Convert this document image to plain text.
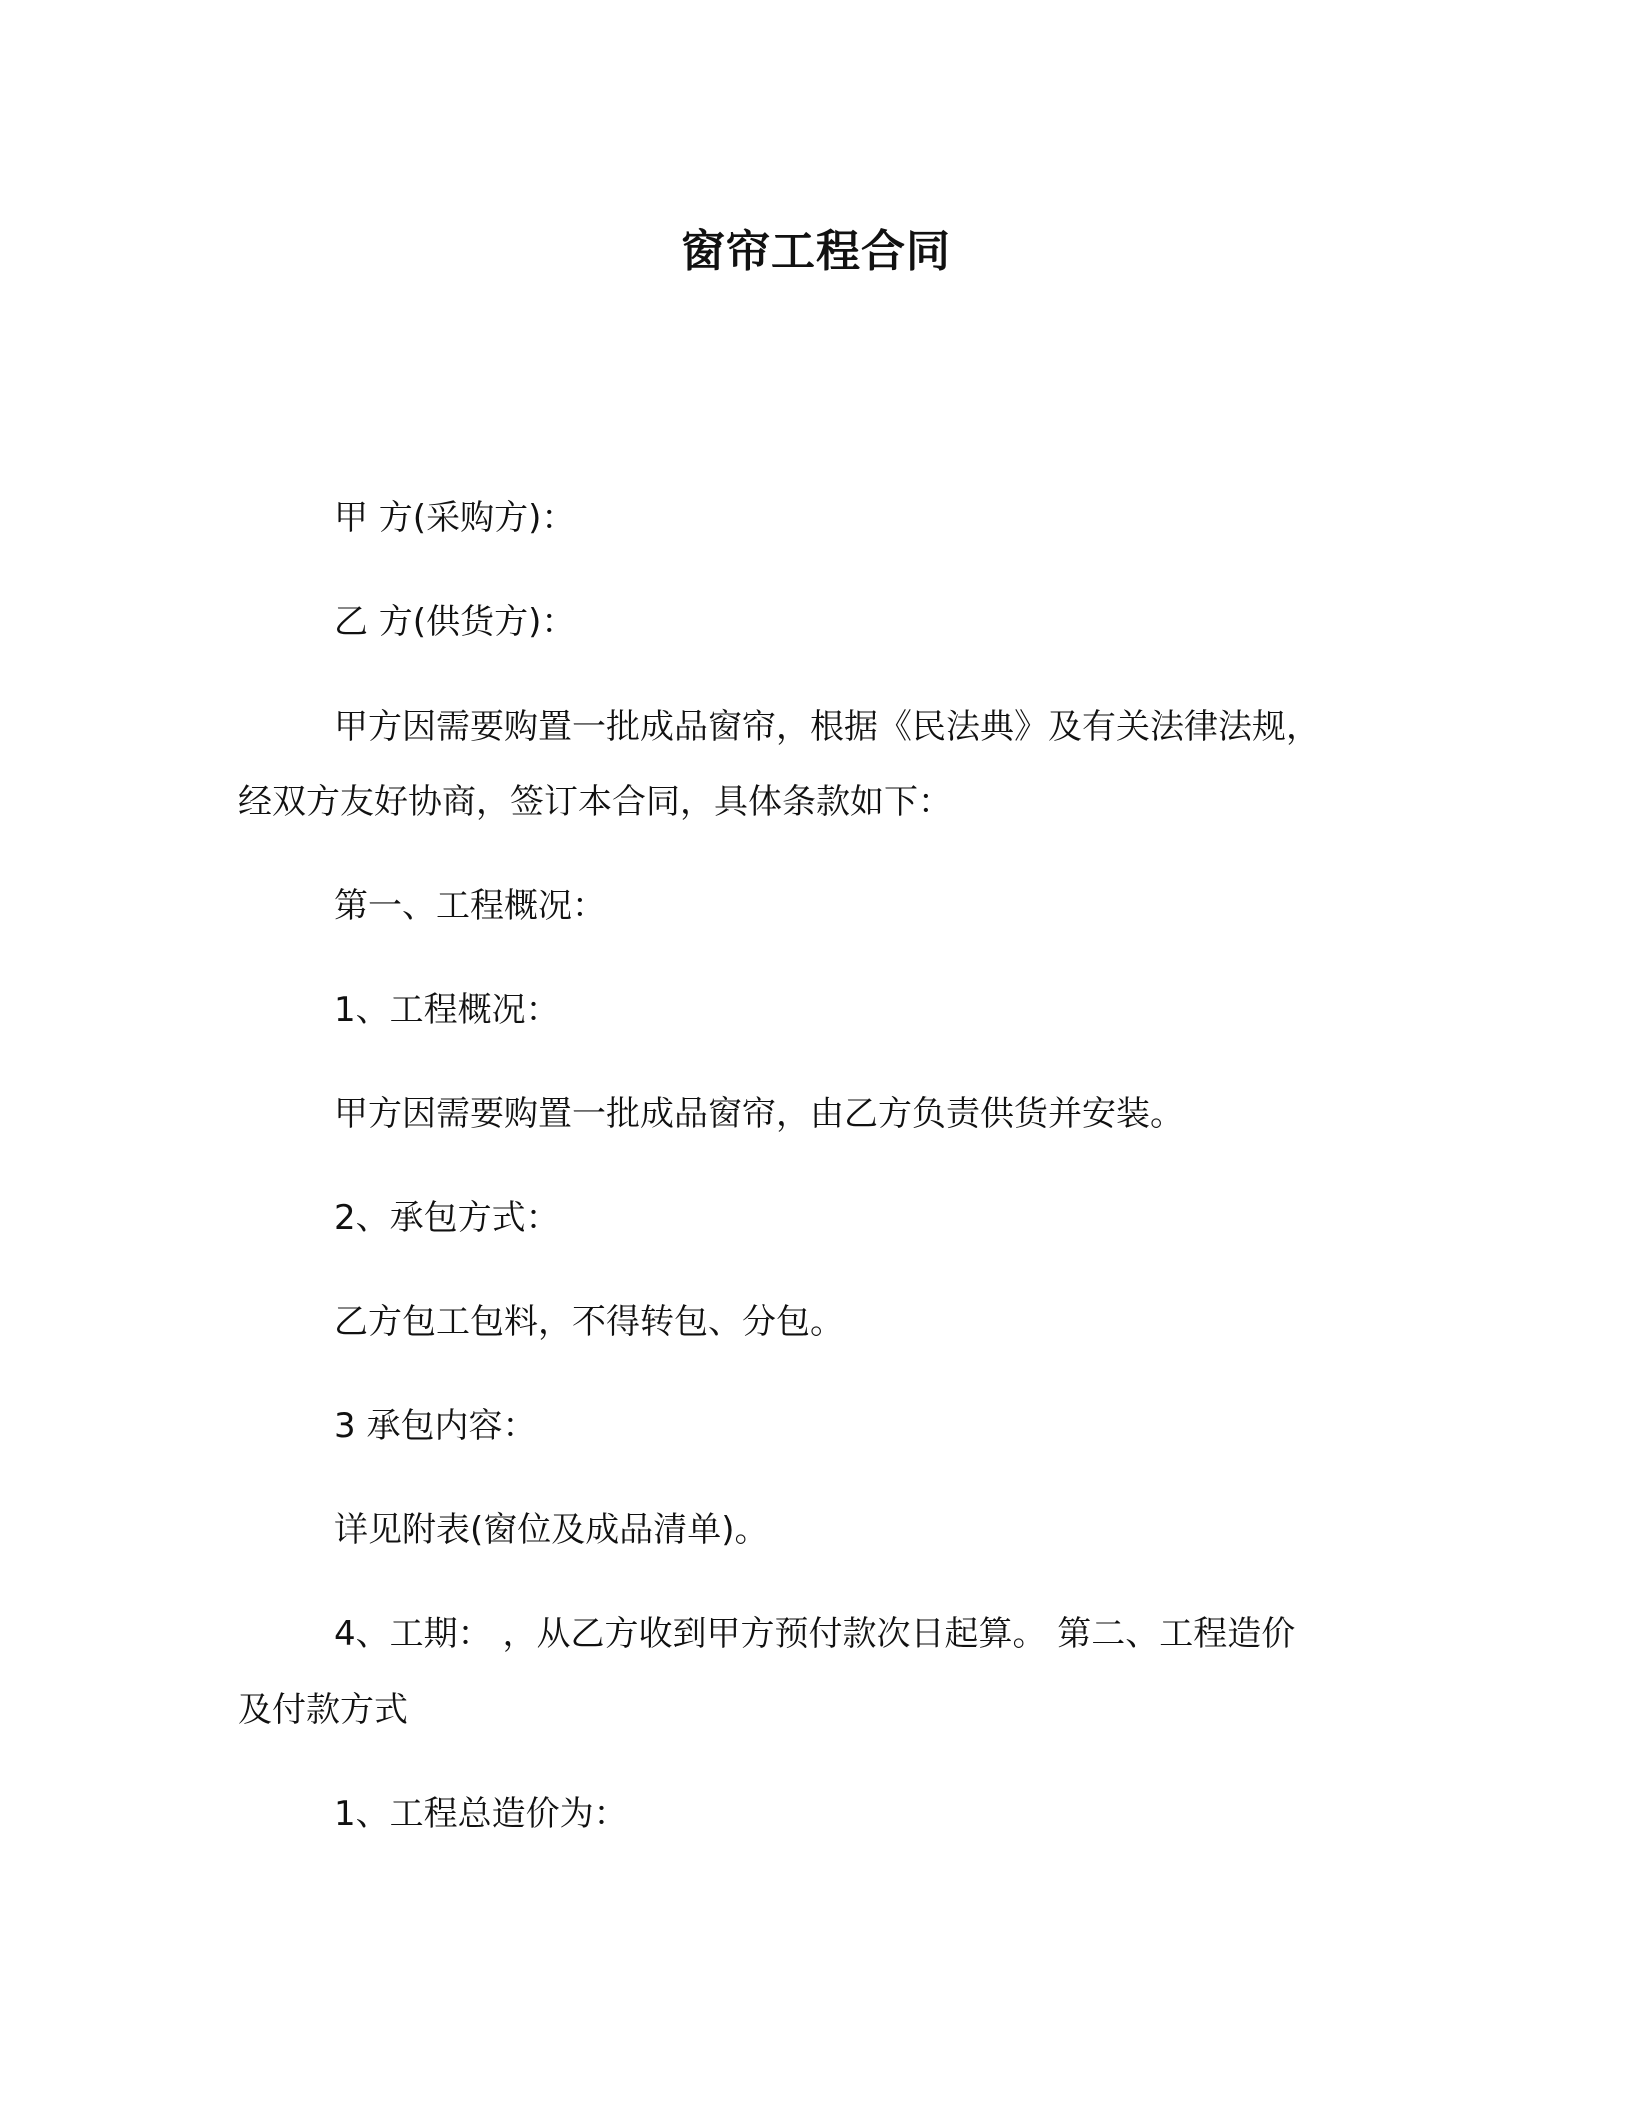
窗帘工程合同

甲 方(采购方)：

乙 方(供货方)：

甲方因需要购置一批成品窗帘，根据《民法典》及有关法律法规，

经双方友好协商，签订本合同，具体条款如下：

第一、工程概况：

1、工程概况：

甲方因需要购置一批成品窗帘，由乙方负责供货并安装。

2、承包方式：

乙方包工包料，不得转包、分包。

3 承包内容：

详见附表(窗位及成品清单)。

4、工期： ，从乙方收到甲方预付款次日起算。 第二、工程造价

及付款方式

1、工程总造价为：
